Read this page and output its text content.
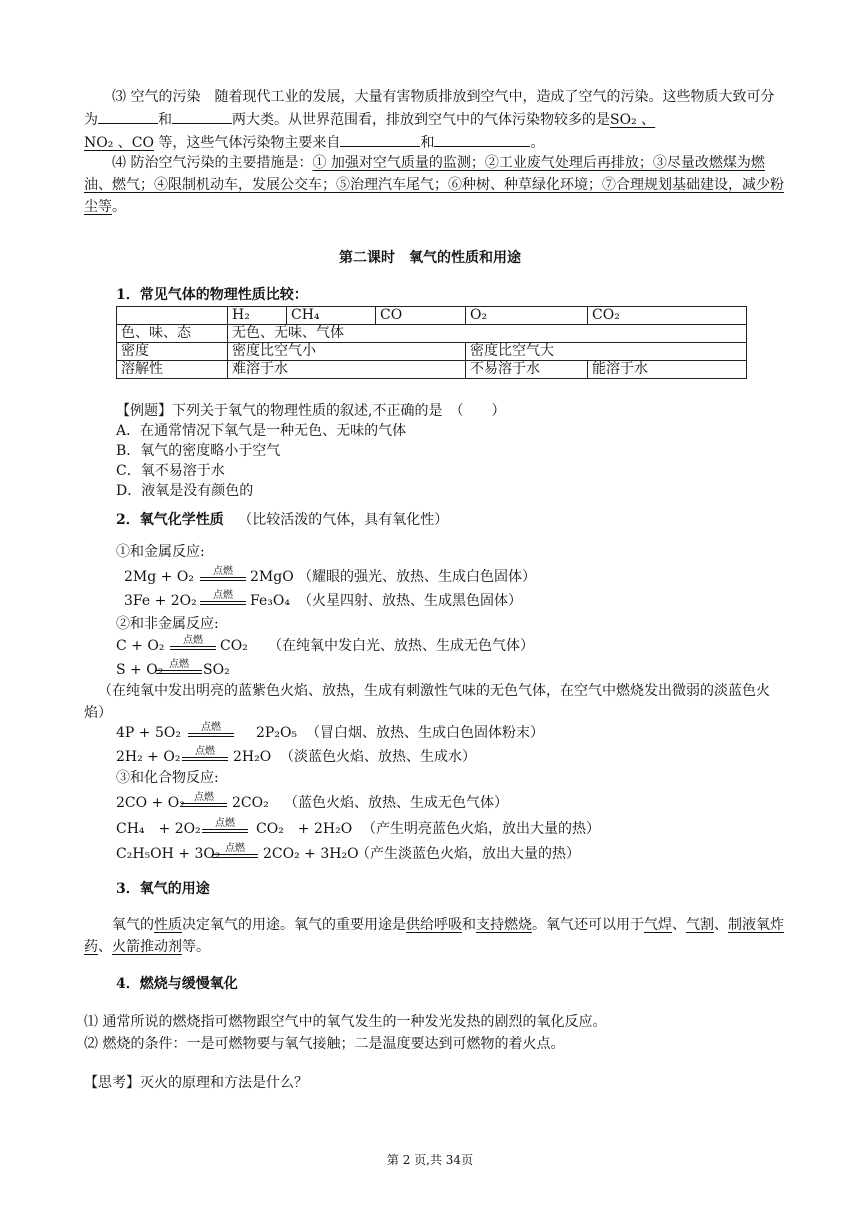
⑶ 空气的污染　随着现代工业的发展，大量有害物质排放到空气中，造成了空气的污染。这些物质大致可分为	和	两大类。从世界范围看，排放到空气中的气体污染物较多的是SO₂ 、
NO₂ 、CO 等，这些气体污染物主要来自	和	。

⑷ 防治空气污染的主要措施是：① 加强对空气质量的监测；②工业废气处理后再排放；③尽量改燃煤为燃油、燃气；④限制机动车，发展公交车；⑤治理汽车尾气；⑥种树、种草绿化环境；⑦合理规划基础建设，减少粉尘等。

第二课时　氧气的性质和用途
1．常见气体的物理性质比较：
	H₂	CH₄	CO	O₂	CO₂
色、味、态	无色、无味、气体				
密度	密度比空气小			密度比空气大	
溶解性	难溶于水			不易溶于水	能溶于水
【例题】下列关于氧气的物理性质的叙述,不正确的是　（　　）
A．在通常情况下氧气是一种无色、无味的气体
B．氧气的密度略小于空气
C．氧不易溶于水
D．液氧是没有颜色的
2．氧气化学性质 （比较活泼的气体，具有氧化性）
①和金属反应:
2Mg + O₂	点燃	2MgO （耀眼的强光、放热、生成白色固体）
3Fe + 2O₂	点燃	Fe₃O₄ （火星四射、放热、生成黑色固体）
②和非金属反应:
C + O₂	点燃	CO₂ （在纯氧中发白光、放热、生成无色气体）
S + O₂ 点燃	SO₂

（在纯氧中发出明亮的蓝紫色火焰、放热，生成有刺激性气味的无色气体，在空气中燃烧发出微弱的淡蓝色火焰）

4P + 5O₂	点燃	2P₂O₅ （冒白烟、放热、生成白色固体粉末）
2H₂ + O₂	点燃	2H₂O （淡蓝色火焰、放热、生成水）
③和化合物反应:
2CO + O₂ 点燃	2CO₂ （蓝色火焰、放热、生成无色气体）
CH₄　+ 2O₂	点燃	CO₂　+ 2H₂O （产生明亮蓝色火焰，放出大量的热）
C₂H₅OH + 3O₂ 点燃	2CO₂ + 3H₂O
（产生淡蓝色火焰，放出大量的热）
3．氧气的用途

氧气的性质决定氧气的用途。氧气的重要用途是供给呼吸和支持燃烧。氧气还可以用于气焊、气割、制液氧炸药、火箭推动剂等。

4．燃烧与缓慢氧化
⑴ 通常所说的燃烧指可燃物跟空气中的氧气发生的一种发光发热的剧烈的氧化反应。
⑵ 燃烧的条件：一是可燃物要与氧气接触；二是温度要达到可燃物的着火点。
【思考】灭火的原理和方法是什么？
第 2 页,共 34页
